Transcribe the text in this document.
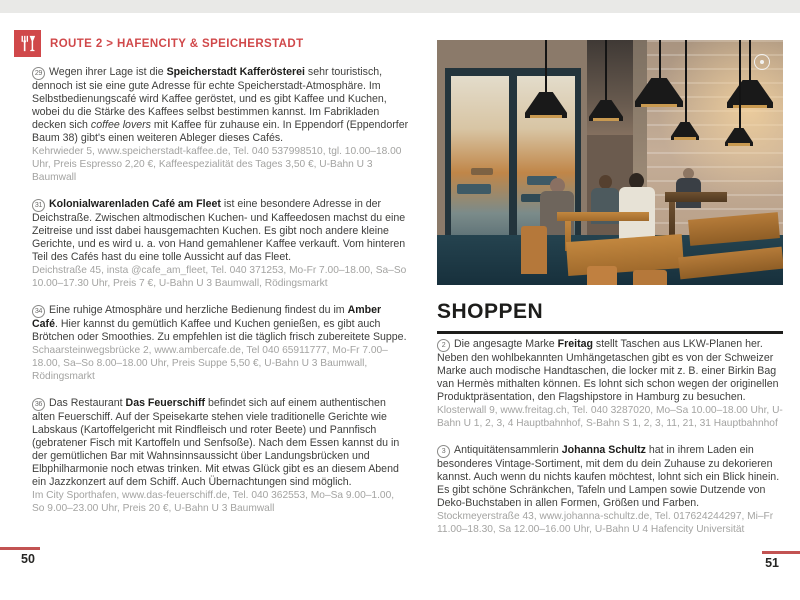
ROUTE 2 > HAFENCITY & SPEICHERSTADT

29 Wegen ihrer Lage ist die Speicherstadt Kafferösterei sehr touristisch, dennoch ist sie eine gute Adresse für echte Speicherstadt-Atmosphäre. Im Selbstbedienungscafé wird Kaffee geröstet, und es gibt Kaffee und Kuchen, wobei du die Stärke des Kaffees selbst bestimmen kannst. Im Fabrikladen decken sich coffee lovers mit Kaffee für zuhause ein. In Eppendorf (Eppendorfer Baum 38) gibt's einen weiteren Ableger dieses Cafés.

Kehrwieder 5, www.speicherstadt-kaffee.de, Tel. 040 537998510, tgl. 10.00–18.00 Uhr, Preis Espresso 2,20 €, Kaffeespezialität des Tages 3,50 €, U-Bahn U 3 Baumwall

31 Kolonialwarenladen Café am Fleet ist eine besondere Adresse in der Deichstraße. Zwischen altmodischen Kuchen- und Kaffeedosen machst du eine Zeitreise und isst dabei hausgemachten Kuchen. Es gibt noch andere kleine Gerichte, und es wird u. a. von Hand gemahlener Kaffee verkauft. Vom hinteren Teil des Cafés hast du eine tolle Aussicht auf das Fleet.

Deichstraße 45, insta @cafe_am_fleet, Tel. 040 371253, Mo-Fr 7.00–18.00, Sa–So 10.00–17.30 Uhr, Preis 7 €, U-Bahn U 3 Baumwall, Rödingsmarkt

34 Eine ruhige Atmosphäre und herzliche Bedienung findest du im Amber Café. Hier kannst du gemütlich Kaffee und Kuchen genießen, es gibt auch Brötchen oder Smoothies. Zu empfehlen ist die täglich frisch zubereitete Suppe.

Schaarsteinwegsbrücke 2, www.ambercafe.de, Tel 040 65911777, Mo-Fr 7.00–18.00, Sa–So 8.00–18.00 Uhr, Preis Suppe 5,50 €, U-Bahn U 3 Baumwall, Rödingsmarkt

36 Das Restaurant Das Feuerschiff befindet sich auf einem authentischen alten Feuerschiff. Auf der Speisekarte stehen viele traditionelle Gerichte wie Labskaus (Kartoffelgericht mit Rindfleisch und roter Beete) und Pannfisch (gebratener Fisch mit Kartoffeln und Senfsoße). Nach dem Essen kannst du in der gemütlichen Bar mit Wahnsinnsaussicht über Landungsbrücken und Elbphilharmonie noch etwas trinken. Mit etwas Glück gibt es an diesem Abend ein Jazzkonzert auf dem Schiff. Auch Übernachtungen sind möglich.

Im City Sporthafen, www.das-feuerschiff.de, Tel. 040 362553, Mo–Sa 9.00–1.00, So 9.00–23.00 Uhr, Preis 20 €, U-Bahn U 3 Baumwall

SHOPPEN

2 Die angesagte Marke Freitag stellt Taschen aus LKW-Planen her. Neben den wohlbekannten Umhängetaschen gibt es von der Schweizer Marke auch modische Handtaschen, die locker mit z. B. einer Birkin Bag van Hermès mithalten können. Es lohnt sich schon wegen der originellen Produktpräsentation, den Flagshipstore in Hamburg zu besuchen.

Klosterwall 9, www.freitag.ch, Tel. 040 3287020, Mo–Sa 10.00–18.00 Uhr, U-Bahn U 1, 2, 3, 4 Hauptbahnhof, S-Bahn S 1, 2, 3, 11, 21, 31 Hauptbahnhof

3 Antiquitätensammlerin Johanna Schultz hat in ihrem Laden ein besonderes Vintage-Sortiment, mit dem du dein Zuhause zu dekorieren kannst. Auch wenn du nichts kaufen möchtest, lohnt sich ein Blick hinein. Es gibt schöne Schränkchen, Tafeln und Lampen sowie Dutzende von Deko-Buchstaben in allen Formen, Größen und Farben.

Stockmeyerstraße 43, www.johanna-schultz.de, Tel. 017624244297, Mi–Fr 11.00–18.30, Sa 12.00–16.00 Uhr, U-Bahn U 4 Hafencity Universität

50	51
